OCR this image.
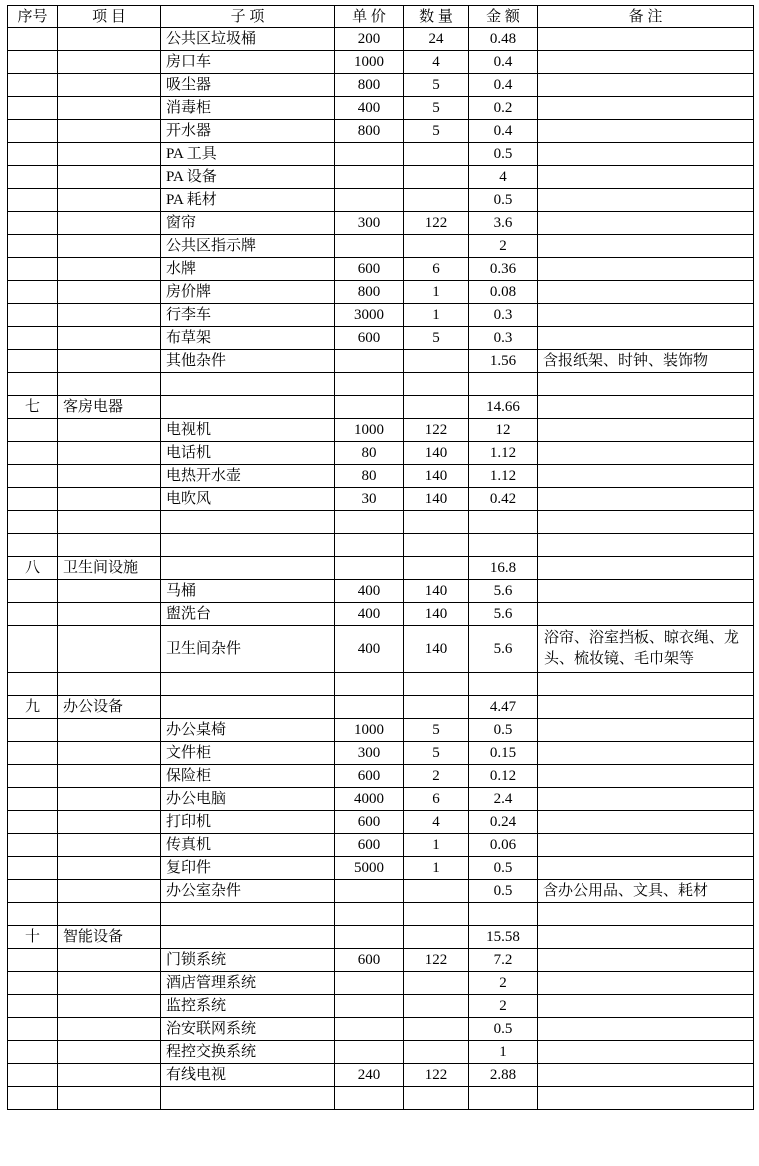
序号	项 目	子 项	单 价	数 量	金 额	备 注
		公共区垃圾桶	200	24	0.48	
		房口车	1000	4	0.4	
		吸尘器	800	5	0.4	
		消毒柜	400	5	0.2	
		开水器	800	5	0.4	
		PA 工具			0.5	
		PA 设备			4	
		PA 耗材			0.5	
		窗帘	300	122	3.6	
		公共区指示牌			2	
		水牌	600	6	0.36	
		房价牌	800	1	0.08	
		行李车	3000	1	0.3	
		布草架	600	5	0.3	
		其他杂件			1.56	含报纸架、时钟、装饰物

七	客房电器				14.66	
		电视机	1000	122	12	
		电话机	80	140	1.12	
		电热开水壶	80	140	1.12	
		电吹风	30	140	0.42	

八	卫生间设施				16.8	
		马桶	400	140	5.6	
		盥洗台	400	140	5.6	
		卫生间杂件	400	140	5.6	浴帘、浴室挡板、晾衣绳、龙头、梳妆镜、毛巾架等

九	办公设备				4.47	
		办公桌椅	1000	5	0.5	
		文件柜	300	5	0.15	
		保险柜	600	2	0.12	
		办公电脑	4000	6	2.4	
		打印机	600	4	0.24	
		传真机	600	1	0.06	
		复印件	5000	1	0.5	
		办公室杂件			0.5	含办公用品、文具、耗材

十	智能设备				15.58	
		门锁系统	600	122	7.2	
		酒店管理系统			2	
		监控系统			2	
		治安联网系统			0.5	
		程控交换系统			1	
		有线电视	240	122	2.88	
